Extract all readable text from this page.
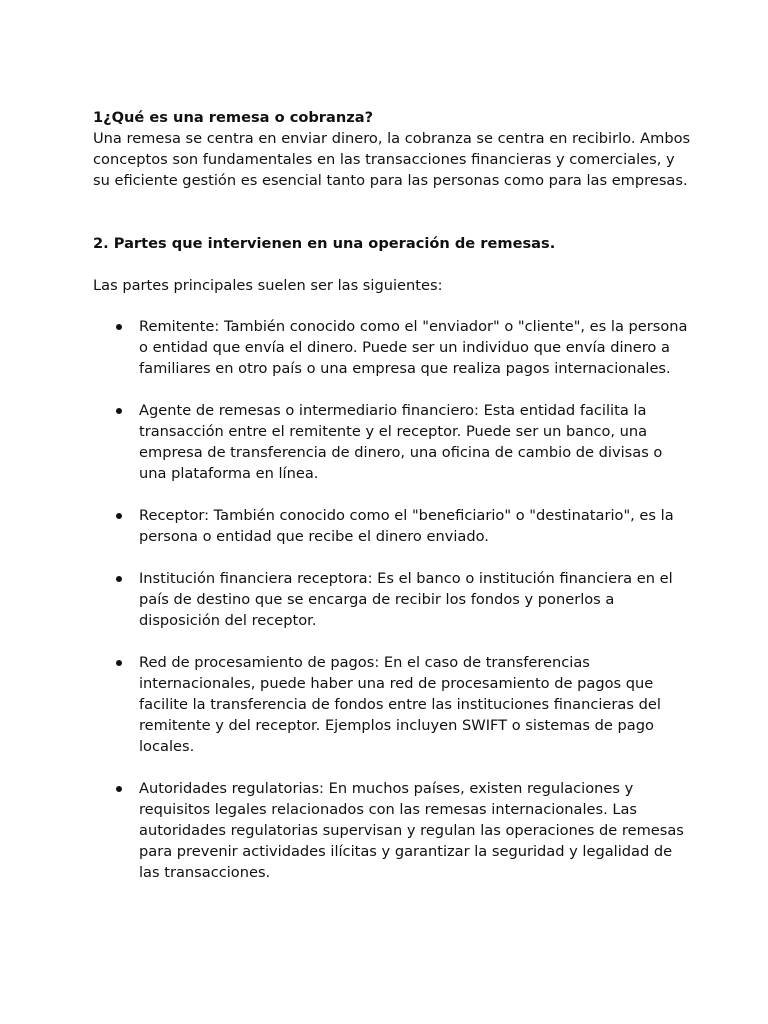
1¿Qué es una remesa o cobranza?

Una remesa se centra en enviar dinero, la cobranza se centra en recibirlo. Ambos conceptos son fundamentales en las transacciones financieras y comerciales, y su eficiente gestión es esencial tanto para las personas como para las empresas.

2. Partes que intervienen en una operación de remesas.

Las partes principales suelen ser las siguientes:

Remitente: También conocido como el "enviador" o "cliente", es la persona o entidad que envía el dinero. Puede ser un individuo que envía dinero a familiares en otro país o una empresa que realiza pagos internacionales.
Agente de remesas o intermediario financiero: Esta entidad facilita la transacción entre el remitente y el receptor. Puede ser un banco, una empresa de transferencia de dinero, una oficina de cambio de divisas o una plataforma en línea.
Receptor: También conocido como el "beneficiario" o "destinatario", es la persona o entidad que recibe el dinero enviado.
Institución financiera receptora: Es el banco o institución financiera en el país de destino que se encarga de recibir los fondos y ponerlos a disposición del receptor.
Red de procesamiento de pagos: En el caso de transferencias internacionales, puede haber una red de procesamiento de pagos que facilite la transferencia de fondos entre las instituciones financieras del remitente y del receptor. Ejemplos incluyen SWIFT o sistemas de pago locales.
Autoridades regulatorias: En muchos países, existen regulaciones y requisitos legales relacionados con las remesas internacionales. Las autoridades regulatorias supervisan y regulan las operaciones de remesas para prevenir actividades ilícitas y garantizar la seguridad y legalidad de las transacciones.
